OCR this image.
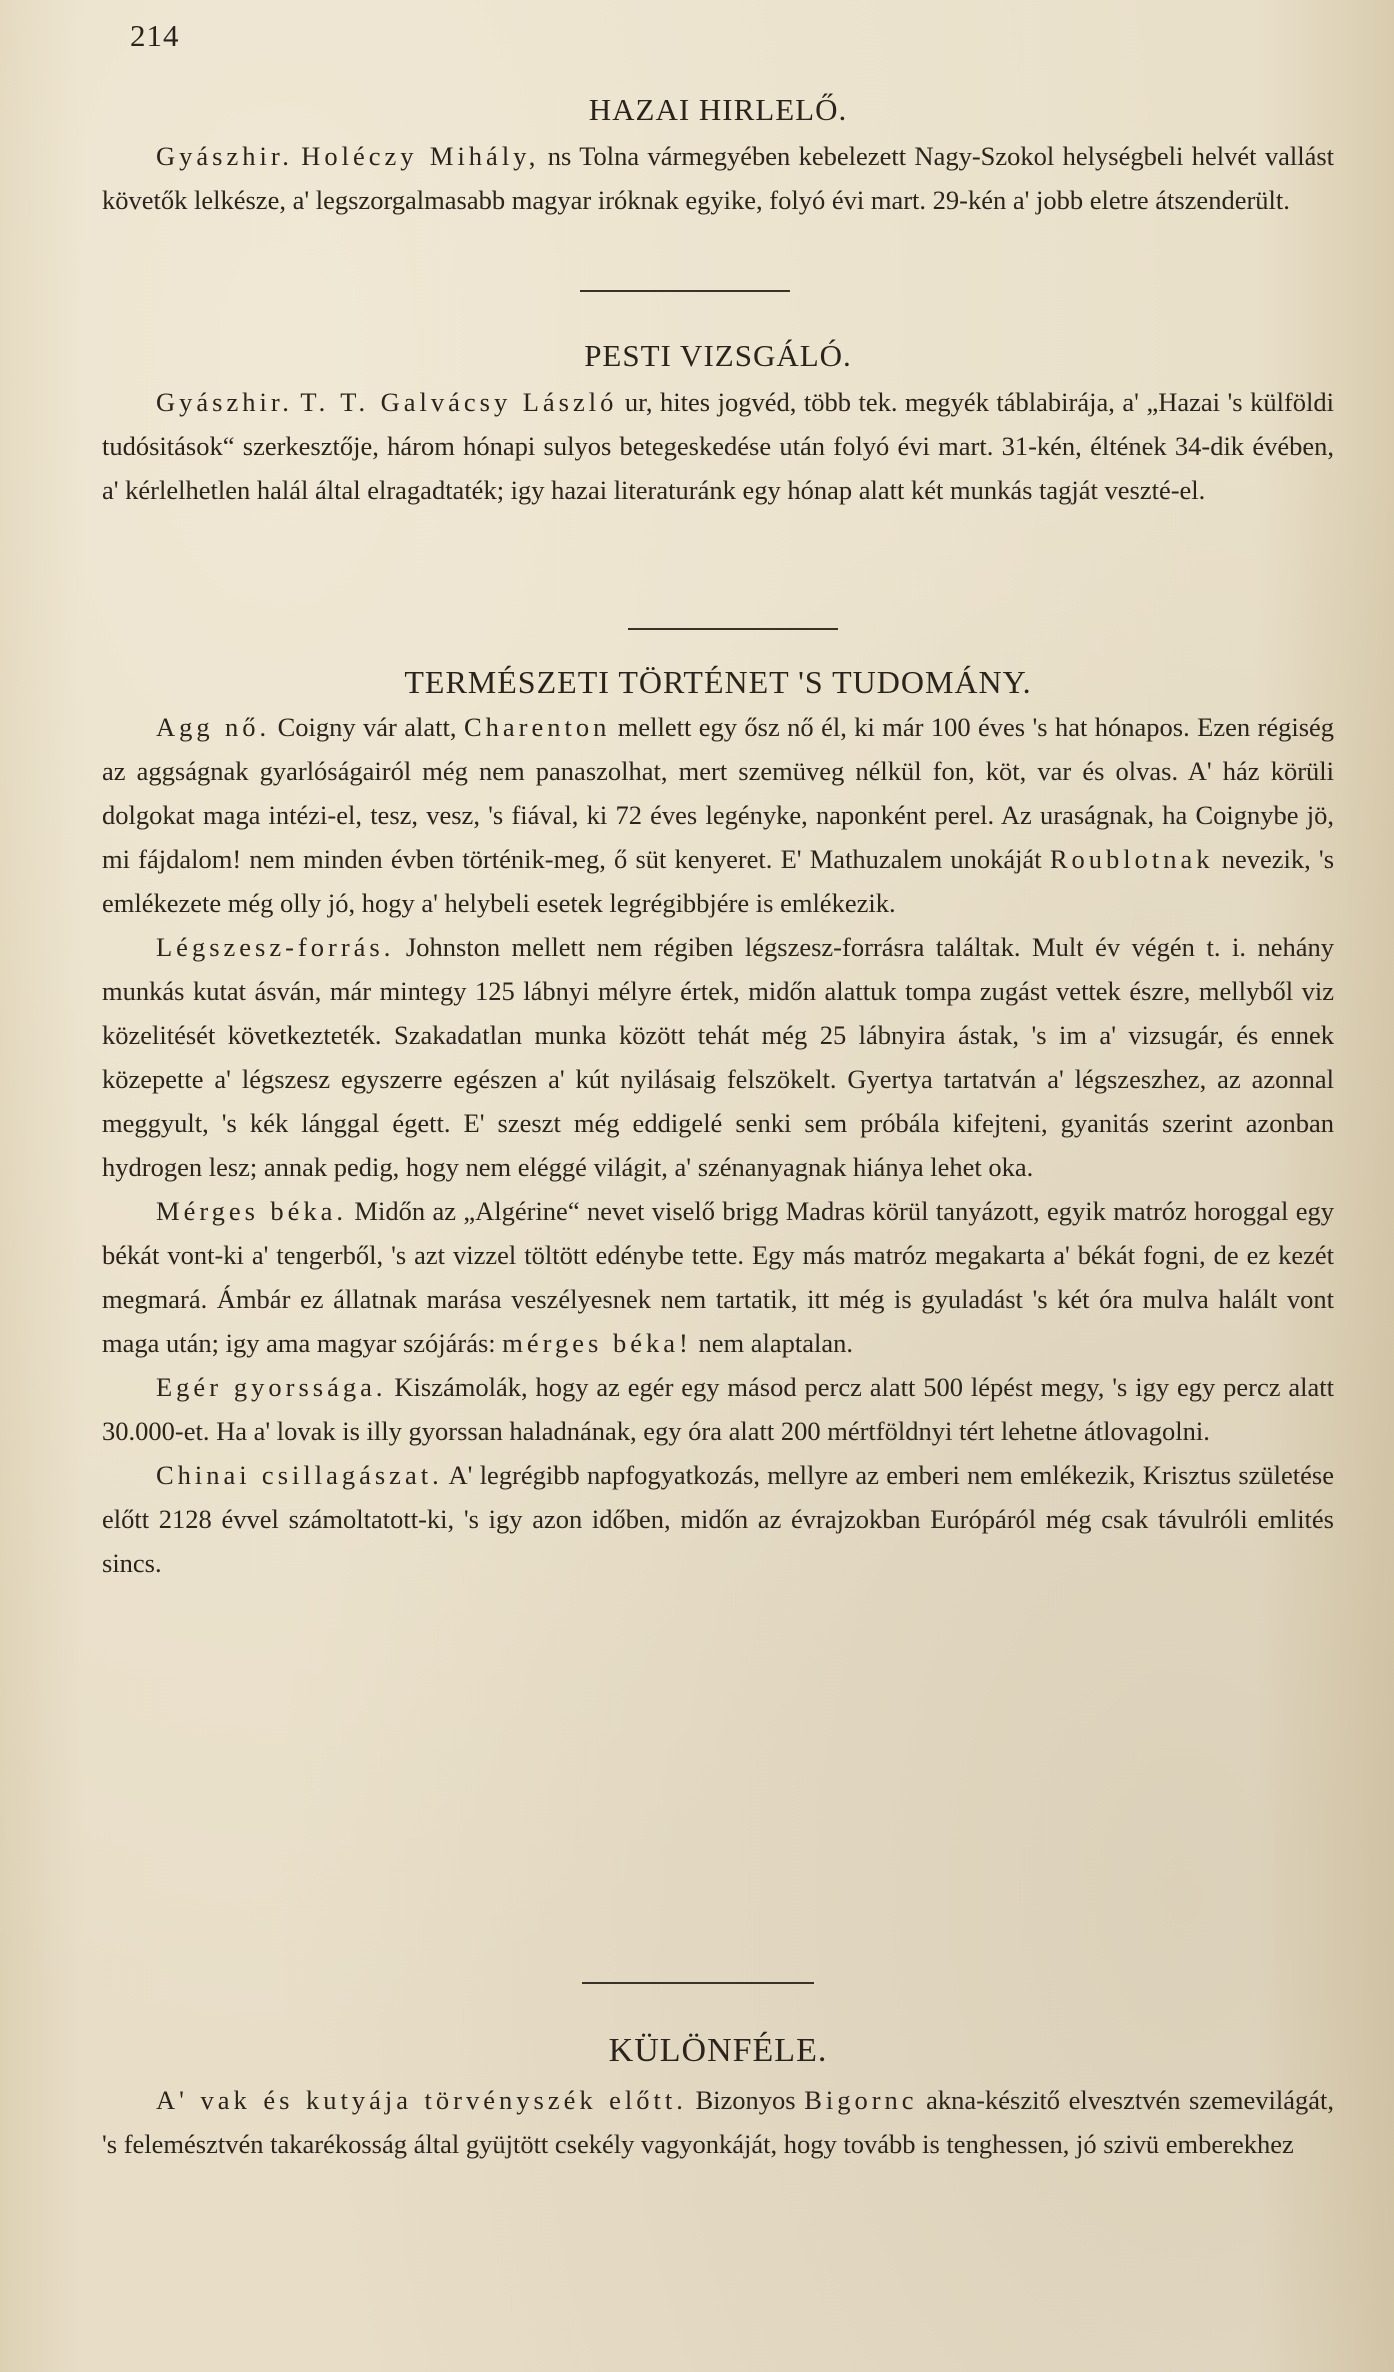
214
HAZAI HIRLELŐ.

Gyászhir. Holéczy Mihály, ns Tolna vármegyében kebelezett Nagy-Szokol helységbeli helvét vallást követők lelkésze, a' legszorgalmasabb magyar iróknak egyike, folyó évi mart. 29-kén a' jobb eletre átszenderült.

PESTI VIZSGÁLÓ.

Gyászhir. T. T. Galvácsy László ur, hites jogvéd, több tek. megyék táblabirája, a' „Hazai 's külföldi tudósitások“ szerkesztője, három hónapi sulyos betegeskedése után folyó évi mart. 31-kén, éltének 34-dik évében, a' kérlelhetlen halál által elragadtaték; igy hazai literaturánk egy hónap alatt két munkás tagját veszté-el.

TERMÉSZETI TÖRTÉNET 'S TUDOMÁNY.

Agg nő. Coigny vár alatt, Charenton mellett egy ősz nő él, ki már 100 éves 's hat hónapos. Ezen régiség az aggságnak gyarlóságairól még nem panaszolhat, mert szemüveg nélkül fon, köt, var és olvas. A' ház körüli dolgokat maga intézi-el, tesz, vesz, 's fiával, ki 72 éves legényke, naponként perel. Az uraságnak, ha Coignybe jö, mi fájdalom! nem minden évben történik-meg, ő süt kenyeret. E' Mathuzalem unokáját Roublotnak nevezik, 's emlékezete még olly jó, hogy a' helybeli esetek legrégibbjére is emlékezik.

Légszesz-forrás. Johnston mellett nem régiben légszesz-forrásra találtak. Mult év végén t. i. nehány munkás kutat ásván, már mintegy 125 lábnyi mélyre értek, midőn alattuk tompa zugást vettek észre, mellyből viz közelitését következteték. Szakadatlan munka között tehát még 25 lábnyira ástak, 's im a' vizsugár, és ennek közepette a' légszesz egyszerre egészen a' kút nyilásaig felszökelt. Gyertya tartatván a' légszeszhez, az azonnal meggyult, 's kék lánggal égett. E' szeszt még eddigelé senki sem próbála kifejteni, gyanitás szerint azonban hydrogen lesz; annak pedig, hogy nem eléggé világit, a' szénanyagnak hiánya lehet oka.

Mérges béka. Midőn az „Algérine“ nevet viselő brigg Madras körül tanyázott, egyik matróz horoggal egy békát vont-ki a' tengerből, 's azt vizzel töltött edénybe tette. Egy más matróz megakarta a' békát fogni, de ez kezét megmará. Ámbár ez állatnak marása veszélyesnek nem tartatik, itt még is gyuladást 's két óra mulva halált vont maga után; igy ama magyar szójárás: mérges béka! nem alaptalan.

Egér gyorssága. Kiszámolák, hogy az egér egy másod percz alatt 500 lépést megy, 's igy egy percz alatt 30.000-et. Ha a' lovak is illy gyorssan haladnának, egy óra alatt 200 mértföldnyi tért lehetne átlovagolni.

Chinai csillagászat. A' legrégibb napfogyatkozás, mellyre az emberi nem emlékezik, Krisztus születése előtt 2128 évvel számoltatott-ki, 's igy azon időben, midőn az évrajzokban Európáról még csak távulróli emlités sincs.

KÜLÖNFÉLE.

A' vak és kutyája törvényszék előtt. Bizonyos Bigornc akna-készitő elvesztvén szemevilágát, 's felemésztvén takarékosság által gyüjtött csekély vagyonkáját, hogy tovább is tenghessen, jó szivü emberekhez
